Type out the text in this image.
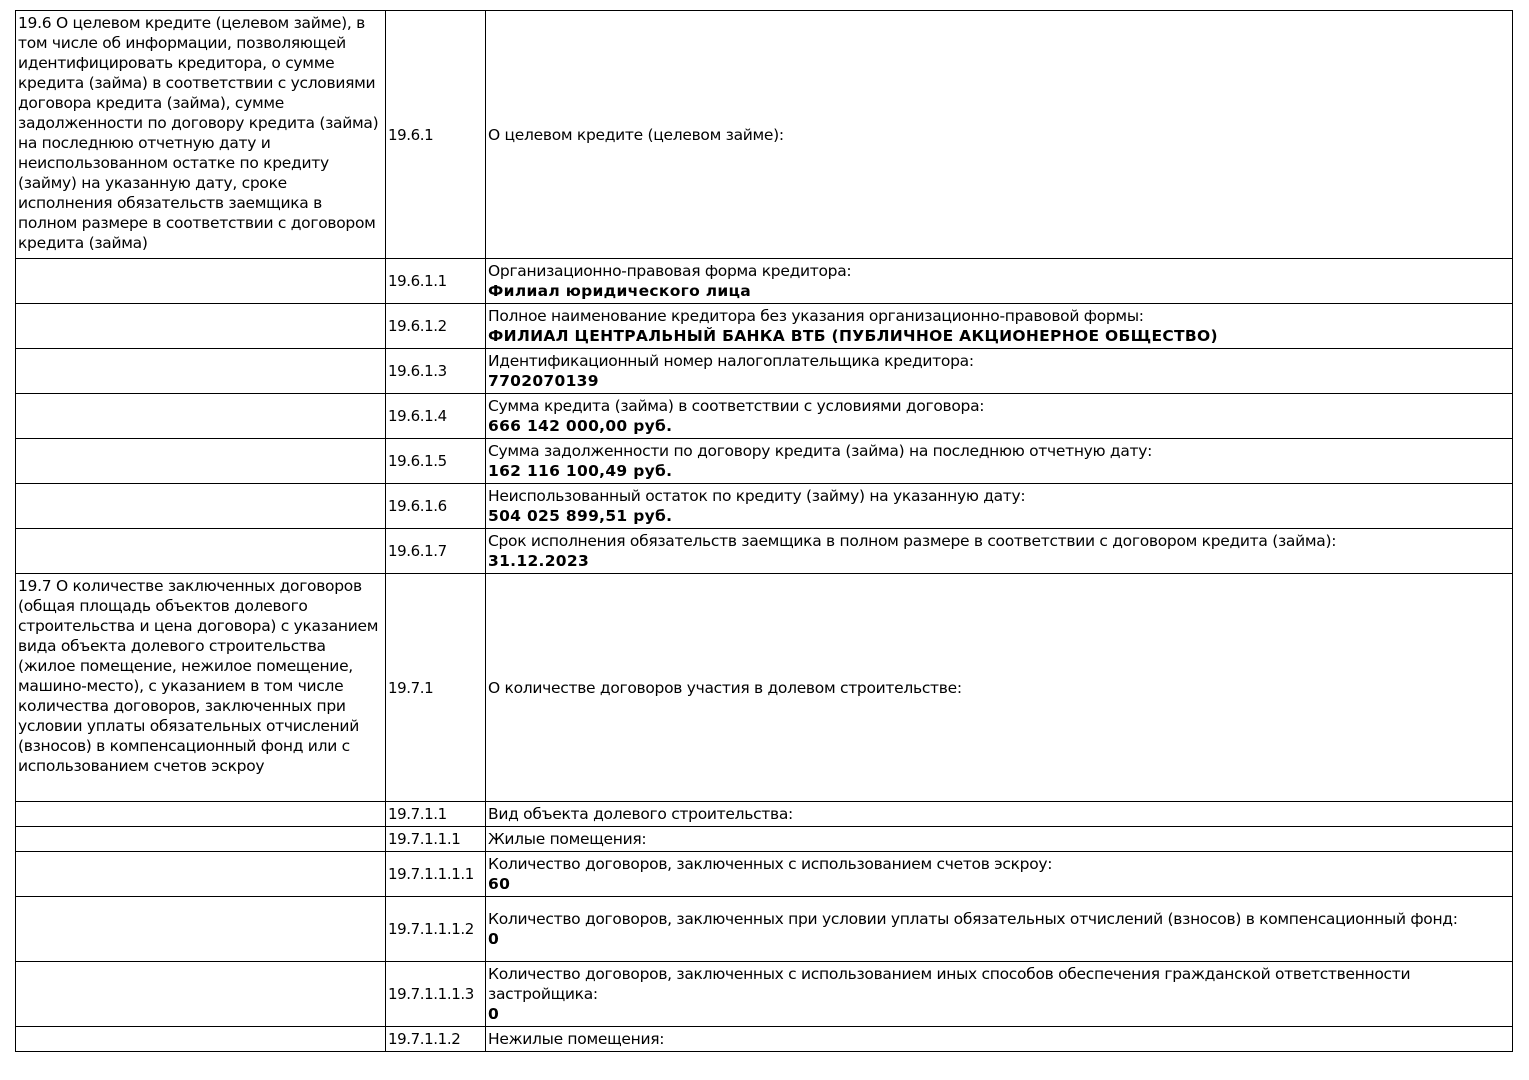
19.6 О целевом кредите (целевом займе), в том числе об информации, позволяющей идентифицировать кредитора, о сумме кредита (займа) в соответствии с условиями договора кредита (займа), сумме задолженности по договору кредита (займа) на последнюю отчетную дату и неиспользованном остатке по кредиту (займу) на указанную дату, сроке исполнения обязательств заемщика в полном размере в соответствии с договором кредита (займа)	19.6.1	О целевом кредите (целевом займе):

	19.6.1.1	Организационно-правовая форма кредитора:
Филиал юридического лица

	19.6.1.2	Полное наименование кредитора без указания организационно-правовой формы:
ФИЛИАЛ ЦЕНТРАЛЬНЫЙ БАНКА ВТБ (ПУБЛИЧНОЕ АКЦИОНЕРНОЕ ОБЩЕСТВО)

	19.6.1.3	Идентификационный номер налогоплательщика кредитора:
7702070139

	19.6.1.4	Сумма кредита (займа) в соответствии с условиями договора:
666 142 000,00 руб.

	19.6.1.5	Сумма задолженности по договору кредита (займа) на последнюю отчетную дату:
162 116 100,49 руб.

	19.6.1.6	Неиспользованный остаток по кредиту (займу) на указанную дату:
504 025 899,51 руб.

	19.6.1.7	Срок исполнения обязательств заемщика в полном размере в соответствии с договором кредита (займа):
31.12.2023

19.7 О количестве заключенных договоров (общая площадь объектов долевого строительства и цена договора) с указанием вида объекта долевого строительства (жилое помещение, нежилое помещение, машино-место), с указанием в том числе количества договоров, заключенных при условии уплаты обязательных отчислений (взносов) в компенсационный фонд или с использованием счетов эскроу	19.7.1	О количестве договоров участия в долевом строительстве:

	19.7.1.1	Вид объекта долевого строительства:

	19.7.1.1.1	Жилые помещения:

	19.7.1.1.1.1	Количество договоров, заключенных с использованием счетов эскроу:
60

	19.7.1.1.1.2	Количество договоров, заключенных при условии уплаты обязательных отчислений (взносов) в компенсационный фонд:
0

	19.7.1.1.1.3	Количество договоров, заключенных с использованием иных способов обеспечения гражданской ответственности застройщика:
0

	19.7.1.1.2	Нежилые помещения:
